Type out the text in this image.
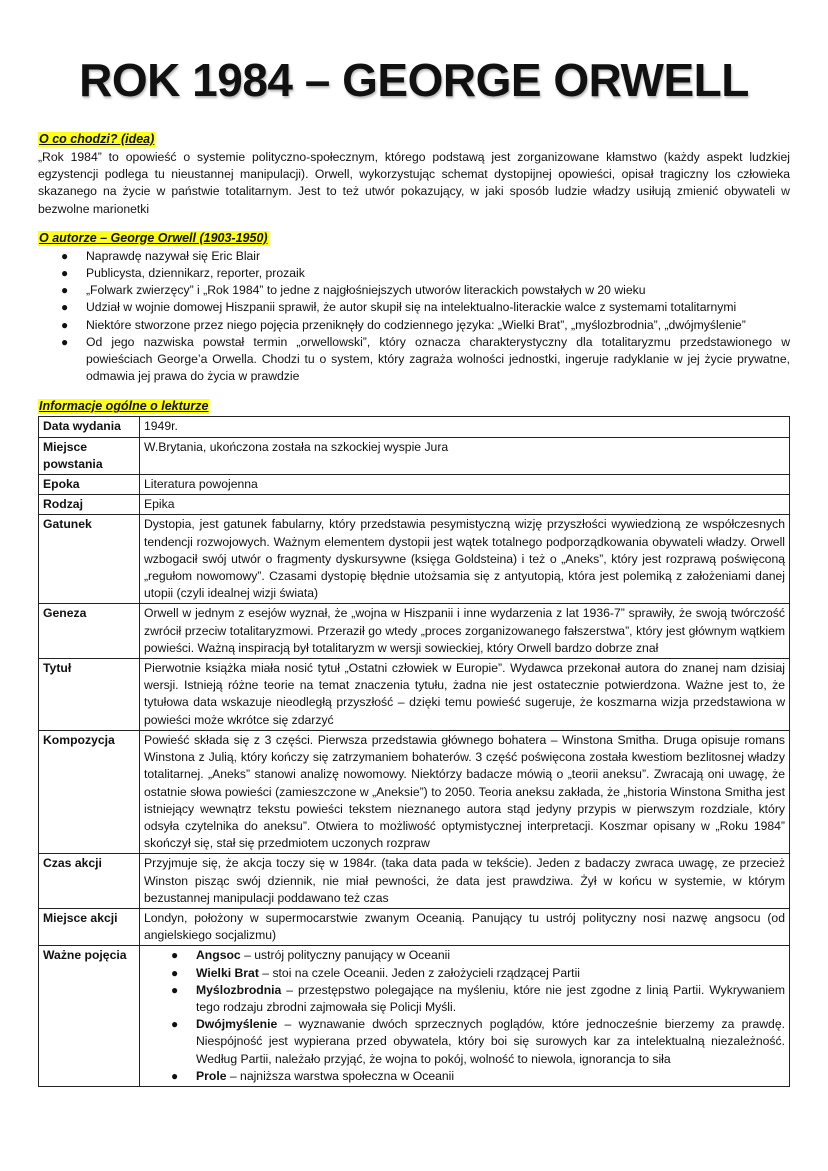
ROK 1984 – GEORGE ORWELL
O co chodzi? (idea)

„Rok 1984” to opowieść o systemie polityczno-społecznym, którego podstawą jest zorganizowane kłamstwo (każdy aspekt ludzkiej egzystencji podlega tu nieustannej manipulacji). Orwell, wykorzystując schemat dystopijnej opowieści, opisał tragiczny los człowieka skazanego na życie w państwie totalitarnym. Jest to też utwór pokazujący, w jaki sposób ludzie władzy usiłują zmienić obywateli w bezwolne marionetki

O autorze – George Orwell (1903-1950)
● Naprawdę nazywał się Eric Blair
● Publicysta, dziennikarz, reporter, prozaik
● „Folwark zwierzęcy” i „Rok 1984” to jedne z najgłośniejszych utworów literackich powstałych w 20 wieku
● Udział w wojnie domowej Hiszpanii sprawił, że autor skupił się na intelektualno-literackie walce z systemami totalitarnymi
● Niektóre stworzone przez niego pojęcia przeniknęły do codziennego języka: „Wielki Brat”, „myślozbrodnia”, „dwójmyślenie”
● Od jego nazwiska powstał termin „orwellowski”, który oznacza charakterystyczny dla totalitaryzmu przedstawionego w powieściach George’a Orwella. Chodzi tu o system, który zagraża wolności jednostki, ingeruje radyklanie w jej życie prywatne, odmawia jej prawa do życia w prawdzie
Informacje ogólne o lekturze
Data wydania	1949r.
Miejsce powstania	W.Brytania, ukończona została na szkockiej wyspie Jura
Epoka	Literatura powojenna
Rodzaj	Epika
Gatunek	Dystopia, jest gatunek fabularny, który przedstawia pesymistyczną wizję przyszłości wywiedzioną ze współczesnych tendencji rozwojowych. Ważnym elementem dystopii jest wątek totalnego podporządkowania obywateli władzy. Orwell wzbogacił swój utwór o fragmenty dyskursywne (księga Goldsteina) i też o „Aneks”, który jest rozprawą poświęconą „regułom nowomowy”. Czasami dystopię błędnie utożsamia się z antyutopią, która jest polemiką z założeniami danej utopii (czyli idealnej wizji świata)
Geneza	Orwell w jednym z esejów wyznał, że „wojna w Hiszpanii i inne wydarzenia z lat 1936-7” sprawiły, że swoją twórczość zwrócił przeciw totalitaryzmowi. Przeraził go wtedy „proces zorganizowanego fałszerstwa”, który jest głównym wątkiem powieści. Ważną inspiracją był totalitaryzm w wersji sowieckiej, który Orwell bardzo dobrze znał
Tytuł	Pierwotnie książka miała nosić tytuł „Ostatni człowiek w Europie”. Wydawca przekonał autora do znanej nam dzisiaj wersji. Istnieją różne teorie na temat znaczenia tytułu, żadna nie jest ostatecznie potwierdzona. Ważne jest to, że tytułowa data wskazuje nieodległą przyszłość – dzięki temu powieść sugeruje, że koszmarna wizja przedstawiona w powieści może wkrótce się zdarzyć
Kompozycja	Powieść składa się z 3 części. Pierwsza przedstawia głównego bohatera – Winstona Smitha. Druga opisuje romans Winstona z Julią, który kończy się zatrzymaniem bohaterów. 3 część poświęcona została kwestiom bezlitosnej władzy totalitarnej. „Aneks” stanowi analizę nowomowy. Niektórzy badacze mówią o „teorii aneksu”. Zwracają oni uwagę, że ostatnie słowa powieści (zamieszczone w „Aneksie”) to 2050. Teoria aneksu zakłada, że „historia Winstona Smitha jest istniejący wewnątrz tekstu powieści tekstem nieznanego autora stąd jedyny przypis w pierwszym rozdziale, który odsyła czytelnika do aneksu”. Otwiera to możliwość optymistycznej interpretacji. Koszmar opisany w „Roku 1984” skończył się, stał się przedmiotem uczonych rozpraw
Czas akcji	Przyjmuje się, że akcja toczy się w 1984r. (taka data pada w tekście). Jeden z badaczy zwraca uwagę, ze przecież Winston pisząc swój dziennik, nie miał pewności, że data jest prawdziwa. Żył w końcu w systemie, w którym bezustannej manipulacji poddawano też czas
Miejsce akcji	Londyn, położony w supermocarstwie zwanym Oceanią. Panujący tu ustrój polityczny nosi nazwę angsocu (od angielskiego socjalizmu)
Ważne pojęcia	● Angsoc – ustrój polityczny panujący w Oceanii
● Wielki Brat – stoi na czele Oceanii. Jeden z założycieli rządzącej Partii
● Myślozbrodnia – przestępstwo polegające na myśleniu, które nie jest zgodne z linią Partii. Wykrywaniem tego rodzaju zbrodni zajmowała się Policji Myśli.
● Dwójmyślenie – wyznawanie dwóch sprzecznych poglądów, które jednocześnie bierzemy za prawdę. Niespójność jest wypierana przed obywatela, który boi się surowych kar za intelektualną niezależność. Według Partii, należało przyjąć, że wojna to pokój, wolność to niewola, ignorancja to siła
● Prole – najniższa warstwa społeczna w Oceanii
